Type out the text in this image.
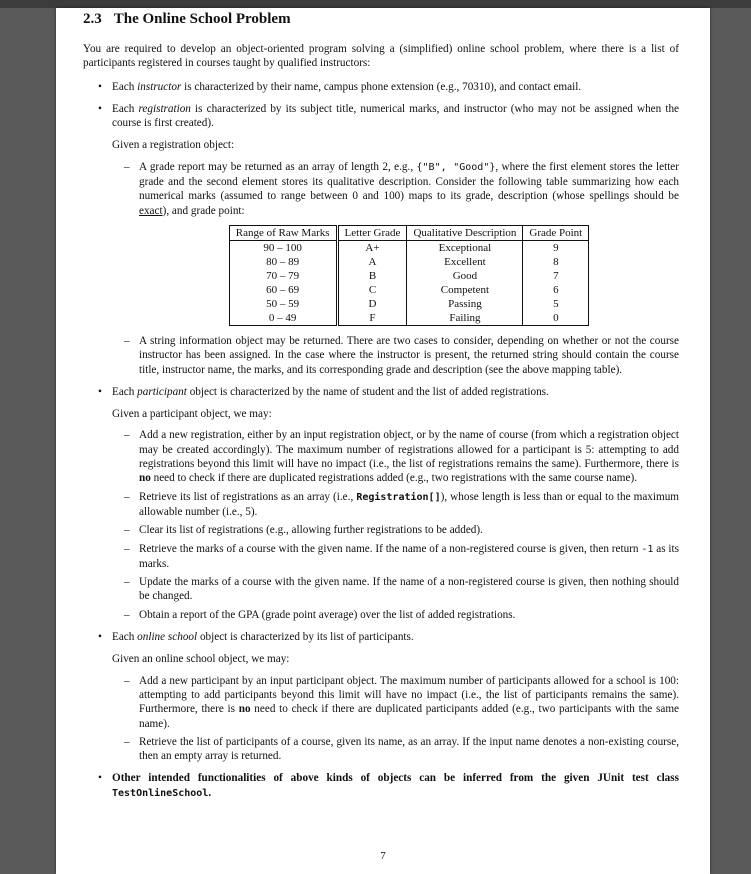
2.3 The Online School Problem

You are required to develop an object-oriented program solving a (simplified) online school problem, where there is a list of participants registered in courses taught by qualified instructors:

• Each instructor is characterized by their name, campus phone extension (e.g., 70310), and contact email.

• Each registration is characterized by its subject title, numerical marks, and instructor (who may not be assigned when the course is first created).

Given a registration object:

– A grade report may be returned as an array of length 2, e.g., {"B", "Good"}, where the first element stores the letter grade and the second element stores its qualitative description. Consider the following table summarizing how each numerical marks (assumed to range between 0 and 100) maps to its grade, description (whose spellings should be exact), and grade point:
Range of Raw Marks	Letter Grade	Qualitative Description	Grade Point
90 – 100	A+	Exceptional	9
80 – 89	A	Excellent	8
70 – 79	B	Good	7
60 – 69	C	Competent	6
50 – 59	D	Passing	5
0 – 49	F	Failing	0
– A string information object may be returned. There are two cases to consider, depending on whether or not the course instructor has been assigned. In the case where the instructor is present, the returned string should contain the course title, instructor name, the marks, and its corresponding grade and description (see the above mapping table).
• Each participant object is characterized by the name of student and the list of added registrations.

Given a participant object, we may:

– Add a new registration, either by an input registration object, or by the name of course (from which a registration object may be created accordingly). The maximum number of registrations allowed for a participant is 5: attempting to add registrations beyond this limit will have no impact (i.e., the list of registrations remains the same). Furthermore, there is no need to check if there are duplicated registrations added (e.g., two registrations with the same course name).
– Retrieve its list of registrations as an array (i.e., Registration[]), whose length is less than or equal to the maximum allowable number (i.e., 5).
– Clear its list of registrations (e.g., allowing further registrations to be added).
– Retrieve the marks of a course with the given name. If the name of a non-registered course is given, then return -1 as its marks.
– Update the marks of a course with the given name. If the name of a non-registered course is given, then nothing should be changed.
– Obtain a report of the GPA (grade point average) over the list of added registrations.
• Each online school object is characterized by its list of participants.

Given an online school object, we may:

– Add a new participant by an input participant object. The maximum number of participants allowed for a school is 100: attempting to add participants beyond this limit will have no impact (i.e., the list of participants remains the same). Furthermore, there is no need to check if there are duplicated participants added (e.g., two participants with the same name).
– Retrieve the list of participants of a course, given its name, as an array. If the input name denotes a non-existing course, then an empty array is returned.
• Other intended functionalities of above kinds of objects can be inferred from the given JUnit test class TestOnlineSchool.

7
